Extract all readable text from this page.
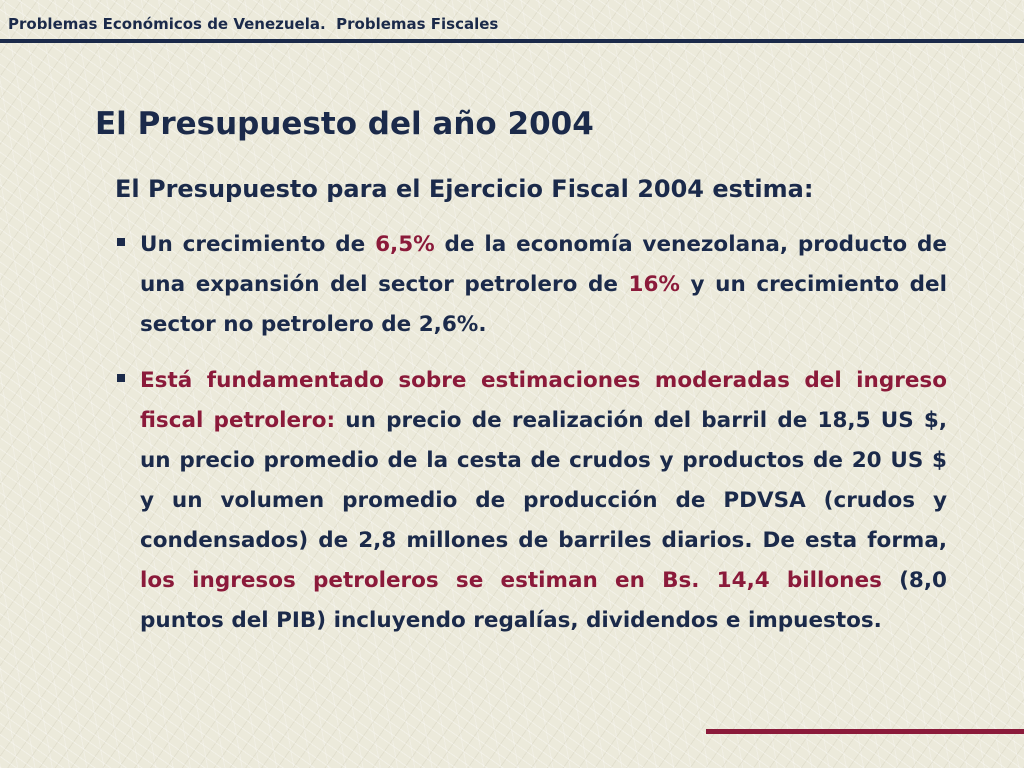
Problemas Económicos de Venezuela.  Problemas Fiscales
El Presupuesto del año 2004
El Presupuesto para el Ejercicio Fiscal 2004 estima:
Un crecimiento de 6,5% de la economía venezolana, producto de una expansión del sector petrolero de 16% y un crecimiento del sector no petrolero de 2,6%.
Está fundamentado sobre estimaciones moderadas del ingreso fiscal petrolero: un precio de realización del barril de 18,5 US $, un precio promedio de la cesta de crudos y productos de 20 US $ y un volumen promedio de producción de PDVSA (crudos y condensados) de 2,8 millones de barriles diarios. De esta forma, los ingresos petroleros se estiman en Bs. 14,4 billones (8,0 puntos del PIB) incluyendo regalías, dividendos e impuestos.
